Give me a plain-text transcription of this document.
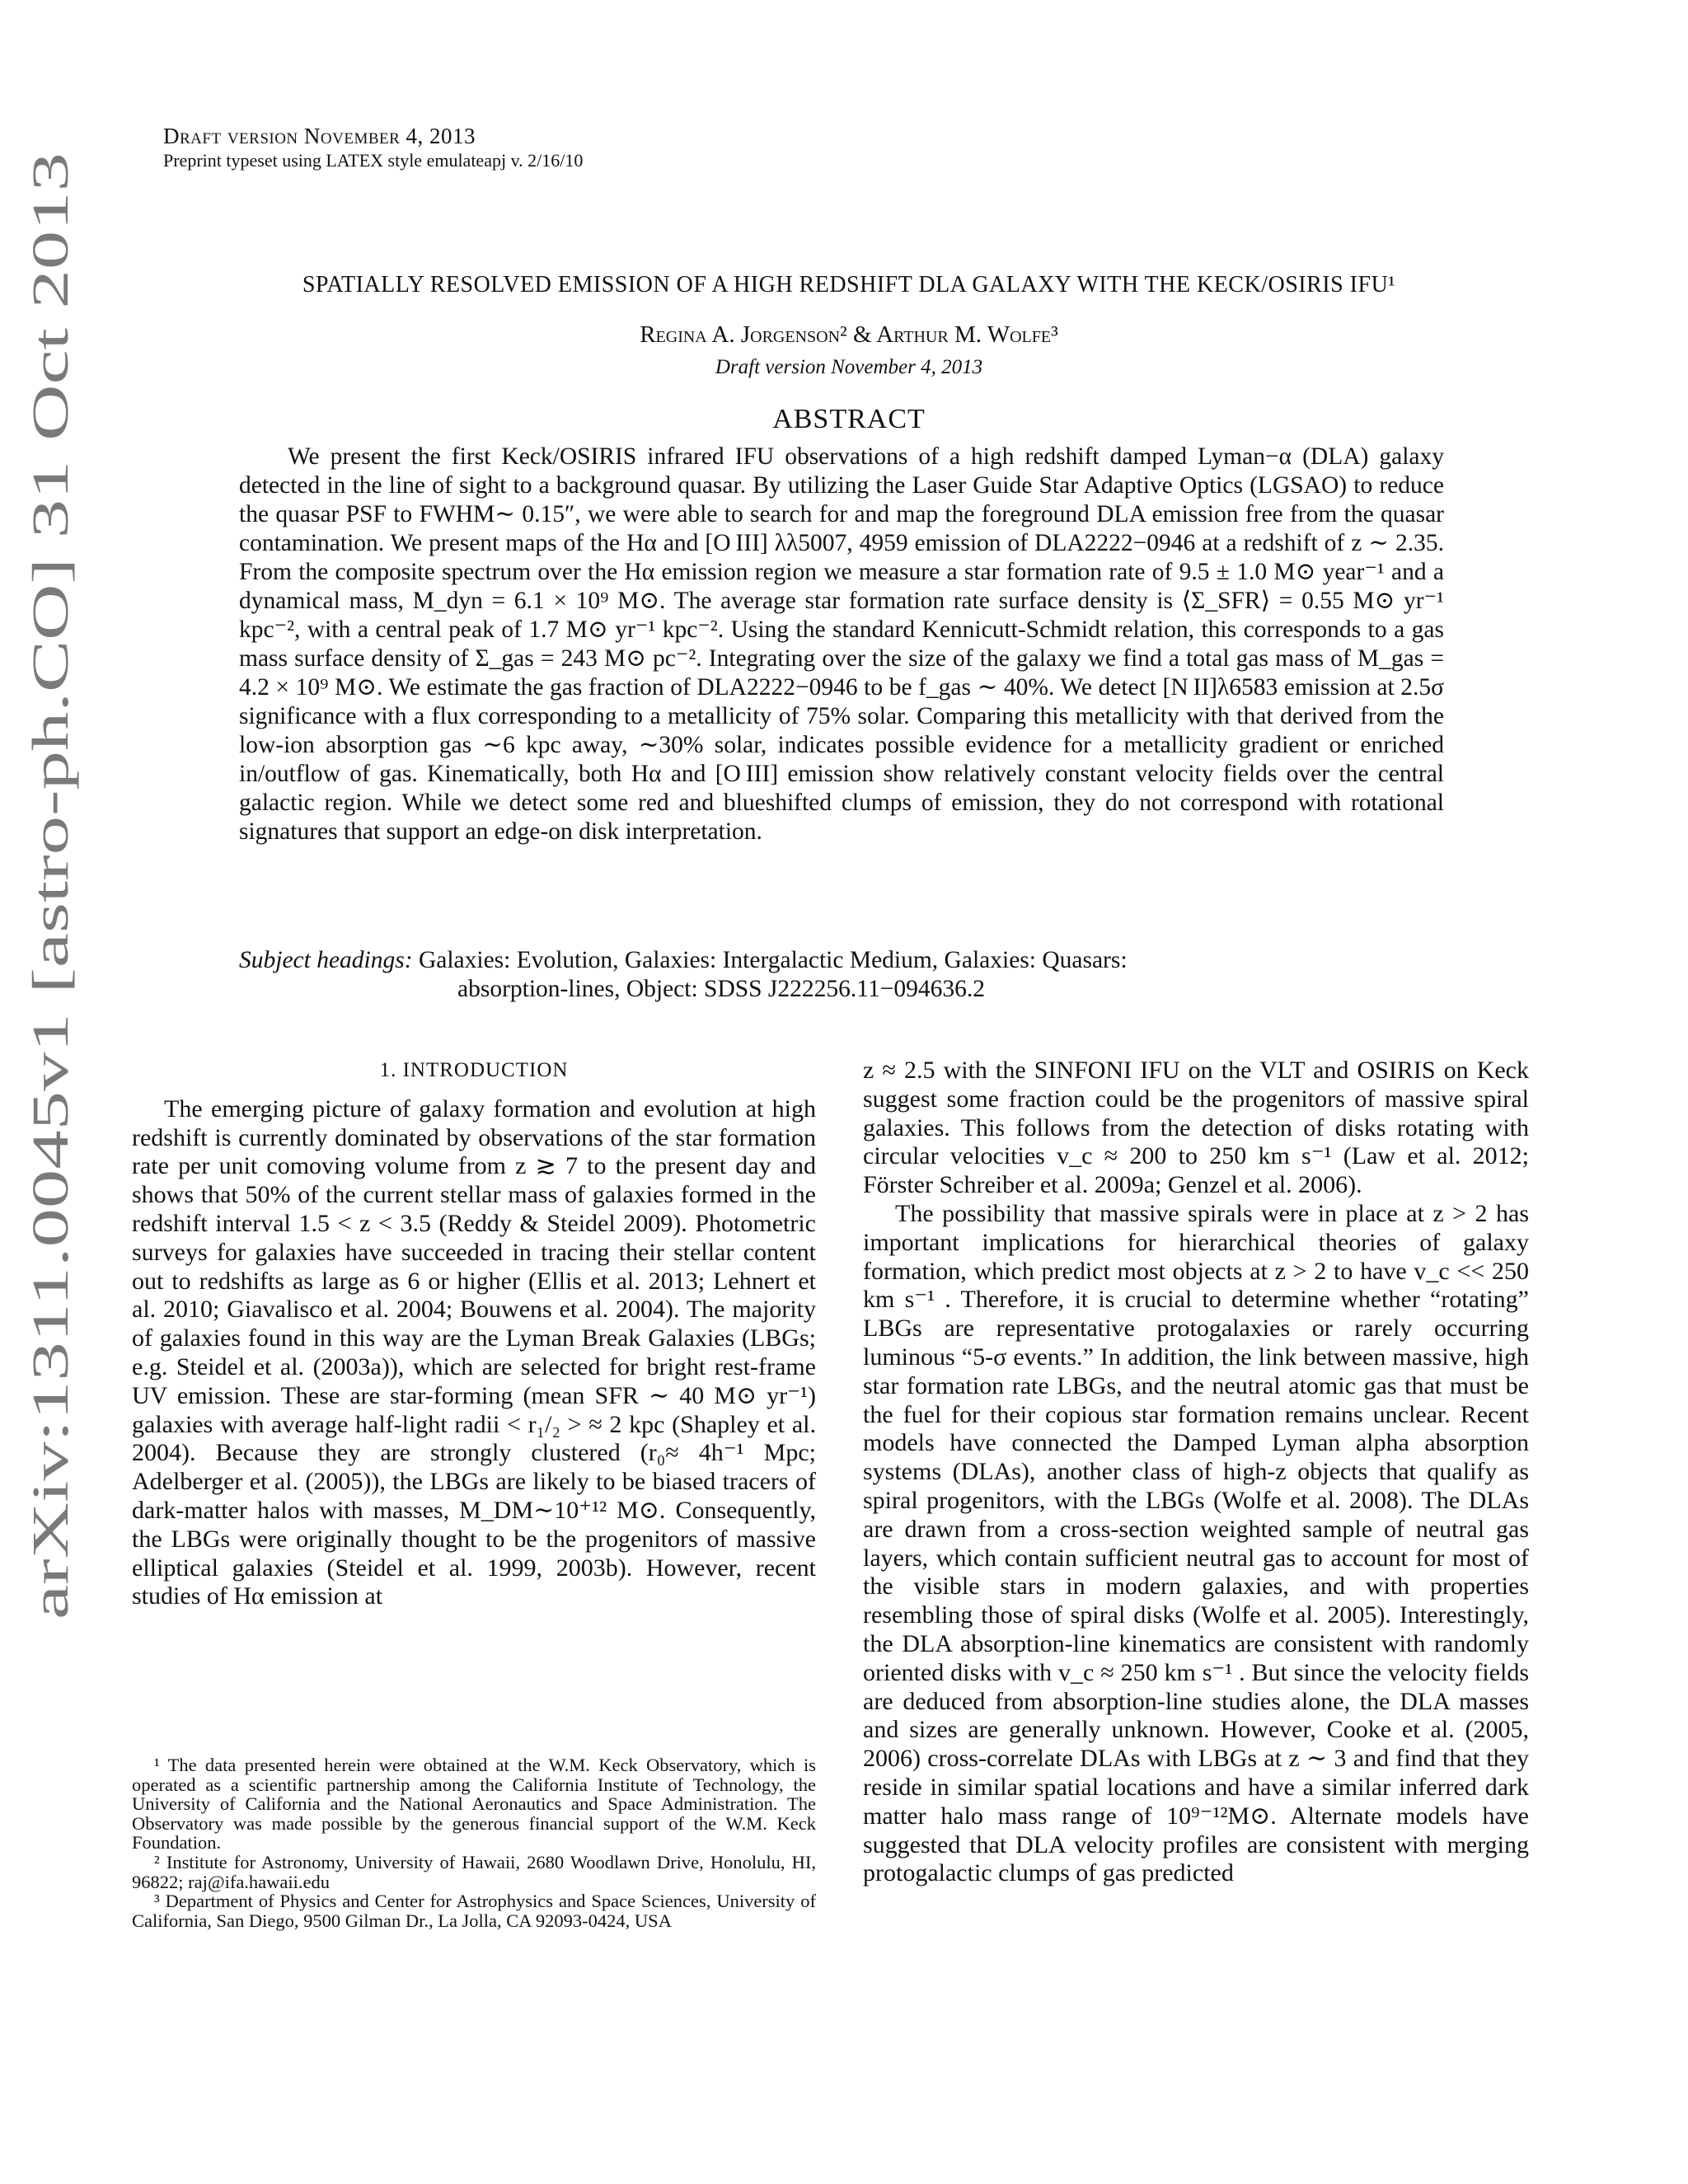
Draft version November 4, 2013
Preprint typeset using LATEX style emulateapj v. 2/16/10
arXiv:1311.0045v1 [astro-ph.CO] 31 Oct 2013
SPATIALLY RESOLVED EMISSION OF A HIGH REDSHIFT DLA GALAXY WITH THE KECK/OSIRIS IFU¹
Regina A. Jorgenson² & Arthur M. Wolfe³
Draft version November 4, 2013
ABSTRACT
We present the first Keck/OSIRIS infrared IFU observations of a high redshift damped Lyman−α (DLA) galaxy detected in the line of sight to a background quasar. By utilizing the Laser Guide Star Adaptive Optics (LGSAO) to reduce the quasar PSF to FWHM∼ 0.15″, we were able to search for and map the foreground DLA emission free from the quasar contamination. We present maps of the Hα and [O III] λλ5007, 4959 emission of DLA2222−0946 at a redshift of z ∼ 2.35. From the composite spectrum over the Hα emission region we measure a star formation rate of 9.5 ± 1.0 M⊙ year⁻¹ and a dynamical mass, M_dyn = 6.1 × 10⁹ M⊙. The average star formation rate surface density is ⟨Σ_SFR⟩ = 0.55 M⊙ yr⁻¹ kpc⁻², with a central peak of 1.7 M⊙ yr⁻¹ kpc⁻². Using the standard Kennicutt-Schmidt relation, this corresponds to a gas mass surface density of Σ_gas = 243 M⊙ pc⁻². Integrating over the size of the galaxy we find a total gas mass of M_gas = 4.2 × 10⁹ M⊙. We estimate the gas fraction of DLA2222−0946 to be f_gas ∼ 40%. We detect [N II]λ6583 emission at 2.5σ significance with a flux corresponding to a metallicity of 75% solar. Comparing this metallicity with that derived from the low-ion absorption gas ∼6 kpc away, ∼30% solar, indicates possible evidence for a metallicity gradient or enriched in/outflow of gas. Kinematically, both Hα and [O III] emission show relatively constant velocity fields over the central galactic region. While we detect some red and blueshifted clumps of emission, they do not correspond with rotational signatures that support an edge-on disk interpretation.
Subject headings: Galaxies: Evolution, Galaxies: Intergalactic Medium, Galaxies: Quasars:
absorption-lines, Object: SDSS J222256.11−094636.2
1. INTRODUCTION

The emerging picture of galaxy formation and evolution at high redshift is currently dominated by observations of the star formation rate per unit comoving volume from z ≳ 7 to the present day and shows that 50% of the current stellar mass of galaxies formed in the redshift interval 1.5 < z < 3.5 (Reddy & Steidel 2009). Photometric surveys for galaxies have succeeded in tracing their stellar content out to redshifts as large as 6 or higher (Ellis et al. 2013; Lehnert et al. 2010; Giavalisco et al. 2004; Bouwens et al. 2004). The majority of galaxies found in this way are the Lyman Break Galaxies (LBGs; e.g. Steidel et al. (2003a)), which are selected for bright rest-frame UV emission. These are star-forming (mean SFR ∼ 40 M⊙ yr⁻¹) galaxies with average half-light radii < r₁/₂ > ≈ 2 kpc (Shapley et al. 2004). Because they are strongly clustered (r₀≈ 4h⁻¹ Mpc; Adelberger et al. (2005)), the LBGs are likely to be biased tracers of dark-matter halos with masses, M_DM∼10⁺¹² M⊙. Consequently, the LBGs were originally thought to be the progenitors of massive elliptical galaxies (Steidel et al. 1999, 2003b). However, recent studies of Hα emission at

¹ The data presented herein were obtained at the W.M. Keck Observatory, which is operated as a scientific partnership among the California Institute of Technology, the University of California and the National Aeronautics and Space Administration. The Observatory was made possible by the generous financial support of the W.M. Keck Foundation.

² Institute for Astronomy, University of Hawaii, 2680 Woodlawn Drive, Honolulu, HI, 96822; raj@ifa.hawaii.edu

³ Department of Physics and Center for Astrophysics and Space Sciences, University of California, San Diego, 9500 Gilman Dr., La Jolla, CA 92093-0424, USA

z ≈ 2.5 with the SINFONI IFU on the VLT and OSIRIS on Keck suggest some fraction could be the progenitors of massive spiral galaxies. This follows from the detection of disks rotating with circular velocities v_c ≈ 200 to 250 km s⁻¹ (Law et al. 2012; Förster Schreiber et al. 2009a; Genzel et al. 2006).

The possibility that massive spirals were in place at z > 2 has important implications for hierarchical theories of galaxy formation, which predict most objects at z > 2 to have v_c << 250 km s⁻¹ . Therefore, it is crucial to determine whether “rotating” LBGs are representative protogalaxies or rarely occurring luminous “5-σ events.” In addition, the link between massive, high star formation rate LBGs, and the neutral atomic gas that must be the fuel for their copious star formation remains unclear. Recent models have connected the Damped Lyman alpha absorption systems (DLAs), another class of high-z objects that qualify as spiral progenitors, with the LBGs (Wolfe et al. 2008). The DLAs are drawn from a cross-section weighted sample of neutral gas layers, which contain sufficient neutral gas to account for most of the visible stars in modern galaxies, and with properties resembling those of spiral disks (Wolfe et al. 2005). Interestingly, the DLA absorption-line kinematics are consistent with randomly oriented disks with v_c ≈ 250 km s⁻¹ . But since the velocity fields are deduced from absorption-line studies alone, the DLA masses and sizes are generally unknown. However, Cooke et al. (2005, 2006) cross-correlate DLAs with LBGs at z ∼ 3 and find that they reside in similar spatial locations and have a similar inferred dark matter halo mass range of 10⁹⁻¹²M⊙. Alternate models have suggested that DLA velocity profiles are consistent with merging protogalactic clumps of gas predicted
